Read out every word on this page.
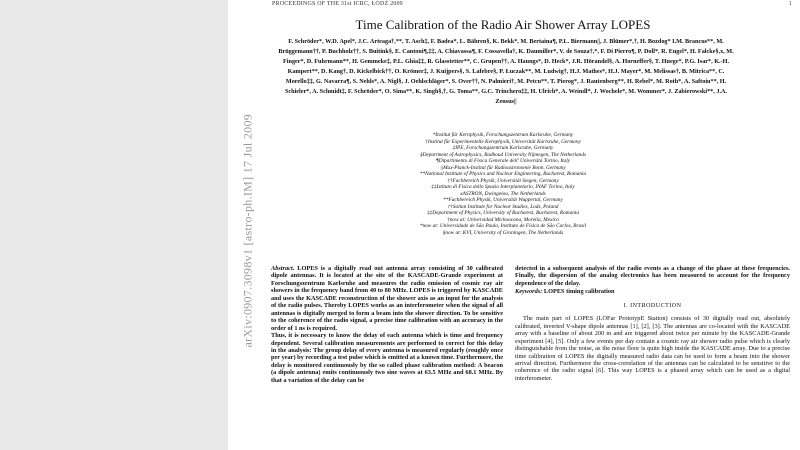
arXiv:0907.3098v1 [astro-ph.IM] 17 Jul 2009
PROCEEDINGS OF THE 31st ICRC, ŁÓDŹ 2009	1
Time Calibration of the Radio Air Shower Array LOPES
F. Schröder*, W.D. Apel*, J.C. Arteaga†,**, T. Asch‡, F. Badea*, L. Bähren§, K. Bekk*, M. Bertaina¶, P.L. Biermann||, J. Blümer*,†, H. Bozdog* I.M. Brancus**, M. Brüggemann††, P. Buchholz††, S. Buitink§, E. Cantoni¶,‡‡, A. Chiavassa¶, F. Cossavella†, K. Daumiller*, V. de Souza†,*, F. Di Pierro¶, P. Doll*, R. Engel*, H. Falcke§,x, M. Finger*, D. Fuhrmann**, H. Gemmeke‡, P.L. Ghia‡‡, R. Glasstetter**, C. Grupen††, A. Haungs*, D. Heck*, J.R. Hörandel§, A. Horneffer§, T. Huege*, P.G. Isar*, K.-H. Kampert**, D. Kang†, D. Kickelbick††, O. Krömer‡, J. Kuijpers§, S. Lafebre§, P. Łuczak**, M. Ludwig†, H.J. Mathes*, H.J. Mayer*, M. Melissas†, B. Mitrica**, C. Morello‡‡, G. Navarra¶, S. Nehls*, A. Nigl§, J. Oehlschläger*, S. Over††, N. Palmieri†, M. Petcu**, T. Pierog*, J. Rautenberg**, H. Rebel*, M. Roth*, A. Saftoiu**, H. Schieler*, A. Schmidt‡, F. Schröder*, O. Sima**, K. Singh§,†, G. Toma**, G.C. Trinchero‡‡, H. Ulrich*, A. Weindl*, J. Wochele*, M. Wommer*, J. Zabierowski**, J.A. Zensus||
*Institut für Kernphysik, Forschungszentrum Karlsruhe, Germany
†Institut für Experimentelle Kernphysik, Universität Karlsruhe, Germany
‡IPE, Forschungszentrum Karlsruhe, Germany
§Department of Astrophysics, Radboud University Nijmegen, The Netherlands
¶Dipartimento di Fisica Generale dell' Università Torino, Italy
||Max-Planck-Institut für Radioastronomie Bonn, Germany
**National Institute of Physics and Nuclear Engineering, Bucharest, Romania
††Fachbereich Physik, Universität Siegen, Germany
‡‡Istituto di Fisica dello Spazio Interplanetario, INAF Torino, Italy
xASTRON, Dwingeloo, The Netherlands
**Fachbereich Physik, Universität Wuppertal, Germany
††Soltan Institute for Nuclear Studies, Lodz, Poland
‡‡Department of Physics, University of Bucharest, Bucharest, Romania
†now at: Universidad Michoacana, Morelia, Mexico
*now at: Universidade de São Paulo, Instituto de Física de São Carlos, Brasil
§now at: KVI, University of Groningen, The Netherlands
Abstract. LOPES is a digitally read out antenna array consisting of 30 calibrated dipole antennas. It is located at the site of the KASCADE-Grande experiment at Forschungszentrum Karlsruhe and measures the radio emission of cosmic ray air showers in the frequency band from 40 to 80 MHz. LOPES is triggered by KASCADE and uses the KASCADE reconstruction of the shower axis as an input for the analysis of the radio pulses. Thereby LOPES works as an interferometer when the signal of all antennas is digitally merged to form a beam into the shower direction. To be sensitive to the coherence of the radio signal, a precise time calibration with an accuracy in the order of 1 ns is required.
Thus, it is necessary to know the delay of each antenna which is time and frequency dependent. Several calibration measurements are performed to correct for this delay in the analysis: The group delay of every antenna is measured regularly (roughly once per year) by recording a test pulse which is emitted at a known time. Furthermore, the delay is monitored continuously by the so called phase calibration method: A beacon (a dipole antenna) emits continuously two sine waves at 63.5 MHz and 68.1 MHz. By that a variation of the delay can be
detected in a subsequent analysis of the radio events as a change of the phase at these frequencies. Finally, the dispersion of the analog electronics has been measured to account for the frequency dependence of the delay.
Keywords: LOPES timing calibration
I. INTRODUCTION

The main part of LOPES (LOFar PrototypE Station) consists of 30 digitally read out, absolutely calibrated, inverted V-shape dipole antennas [1], [2], [3]. The antennas are co-located with the KASCADE array with a baseline of about 200 m and are triggered about twice per minute by the KASCADE-Grande experiment [4], [5]. Only a few events per day contain a cosmic ray air shower radio pulse which is clearly distinguishable from the noise, as the noise floor is quite high inside the KASCADE array. Due to a precise time calibration of LOPES the digitally measured radio data can be used to form a beam into the shower arrival direction. Furthermore the cross-correlation of the antennas can be calculated to be sensitive to the coherence of the radio signal [6]. This way LOPES is a phased array which can be used as a digital interferometer.
